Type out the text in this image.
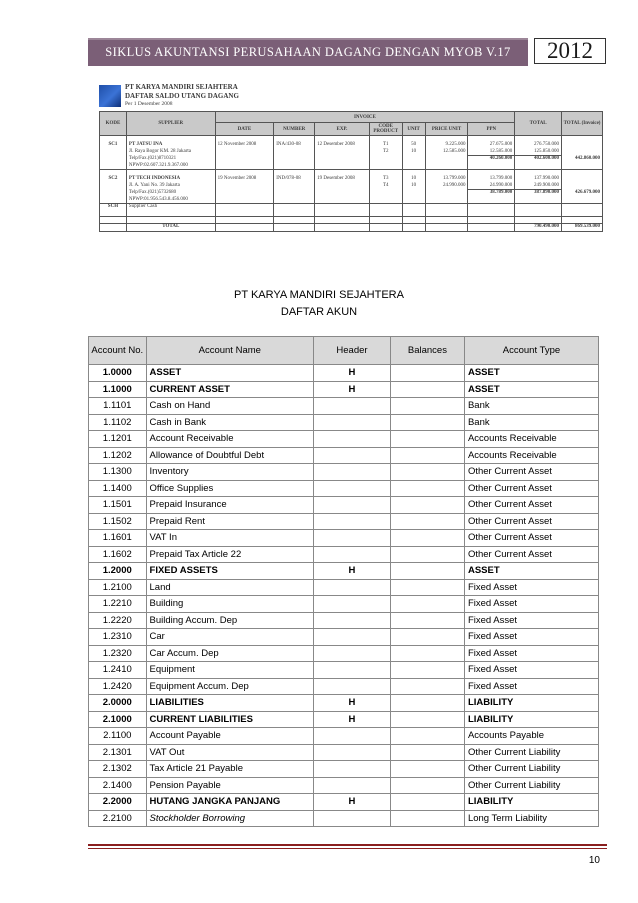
SIKLUS AKUNTANSI PERUSAHAAN DAGANG DENGAN MYOB V.17	2012
PT KARYA MANDIRI SEJAHTERA
DAFTAR SALDO UTANG DAGANG
Per 1 Desember 2008
KODE	SUPPLIER	INVOICE							TOTAL	TOTAL (Invoice)
		DATE	NUMBER	EXP.	CODE PRODUCT	UNIT	PRICE UNIT	PPN		

SC1	PT JATSU INA	12 November 2008	INA/430-08	12 Desember 2008	T1	50	9.225.000	27.675.000	276.750.000	
	Jl. Raya Bogor KM. 28 Jakarta				T2	10	12.585.000	12.585.000	125.850.000	
	Telp/Fax.(021)8710321							40.260.000	402.600.000	442.860.000
	NPWP:02.607.321.9.367.000									

SC2	PT TECH INDONESIA	19 November 2008	IND/078-08	19 Desember 2008	T3	10	13.799.000	13.799.000	137.990.000	
	Jl. A. Yani No. 39 Jakarta				T4	10	24.990.000	24.990.000	249.900.000	
	Telp/Fax.(021)5732680							38.789.000	387.890.000	426.679.000
	NPWP:01.956.543.8.456.000									
SCH	Supplier Cash									

	TOTAL								790.490.000	869.539.000
PT KARYA MANDIRI SEJAHTERA
DAFTAR AKUN
Account No.	Account Name	Header	Balances	Account Type
1.0000	ASSET	H		ASSET
1.1000	CURRENT ASSET	H		ASSET
1.1101	Cash on Hand			Bank
1.1102	Cash in Bank			Bank
1.1201	Account Receivable			Accounts Receivable
1.1202	Allowance of Doubtful Debt			Accounts Receivable
1.1300	Inventory			Other Current Asset
1.1400	Office Supplies			Other Current Asset
1.1501	Prepaid Insurance			Other Current Asset
1.1502	Prepaid Rent			Other Current Asset
1.1601	VAT In			Other Current Asset
1.1602	Prepaid Tax Article 22			Other Current Asset
1.2000	FIXED ASSETS	H		ASSET
1.2100	Land			Fixed Asset
1.2210	Building			Fixed Asset
1.2220	Building Accum. Dep			Fixed Asset
1.2310	Car			Fixed Asset
1.2320	Car Accum. Dep			Fixed Asset
1.2410	Equipment			Fixed Asset
1.2420	Equipment Accum. Dep			Fixed Asset
2.0000	LIABILITIES	H		LIABILITY
2.1000	CURRENT LIABILITIES	H		LIABILITY
2.1100	Account Payable			Accounts Payable
2.1301	VAT Out			Other Current Liability
2.1302	Tax Article 21 Payable			Other Current Liability
2.1400	Pension Payable			Other Current Liability
2.2000	HUTANG JANGKA PANJANG	H		LIABILITY
2.2100	Stockholder Borrowing			Long Term Liability
10
